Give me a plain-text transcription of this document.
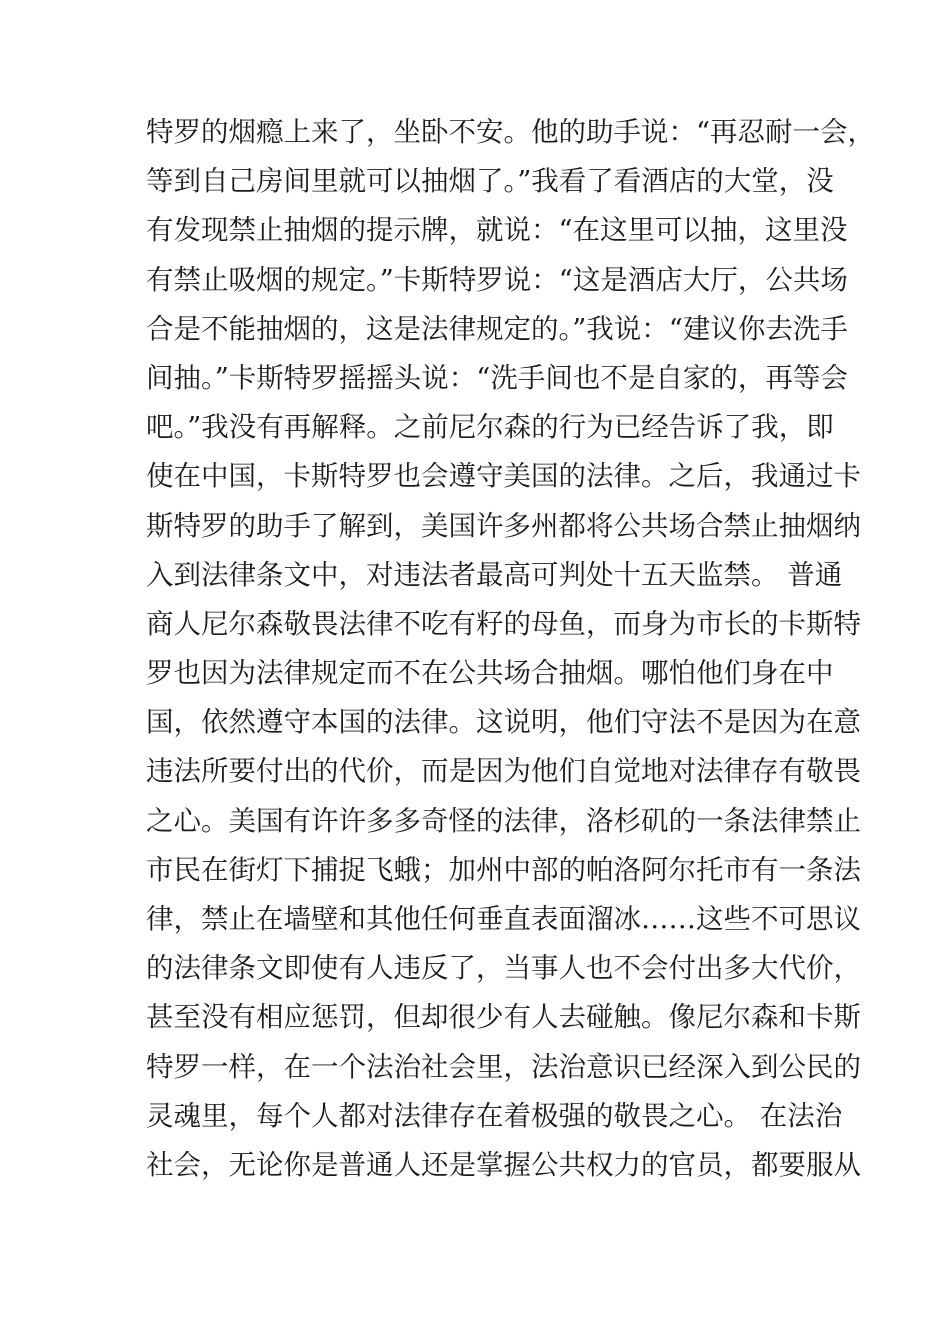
特罗的烟瘾上来了，坐卧不安。他的助手说：“再忍耐一会，
等到自己房间里就可以抽烟了。”我看了看酒店的大堂，没
有发现禁止抽烟的提示牌，就说：“在这里可以抽，这里没
有禁止吸烟的规定。”卡斯特罗说：“这是酒店大厅，公共场
合是不能抽烟的，这是法律规定的。”我说：“建议你去洗手
间抽。”卡斯特罗摇摇头说：“洗手间也不是自家的，再等会
吧。”我没有再解释。之前尼尔森的行为已经告诉了我，即
使在中国，卡斯特罗也会遵守美国的法律。之后，我通过卡
斯特罗的助手了解到，美国许多州都将公共场合禁止抽烟纳
入到法律条文中，对违法者最高可判处十五天监禁。 普通
商人尼尔森敬畏法律不吃有籽的母鱼，而身为市长的卡斯特
罗也因为法律规定而不在公共场合抽烟。哪怕他们身在中
国，依然遵守本国的法律。这说明，他们守法不是因为在意
违法所要付出的代价，而是因为他们自觉地对法律存有敬畏
之心。美国有许许多多奇怪的法律，洛杉矶的一条法律禁止
市民在街灯下捕捉飞蛾；加州中部的帕洛阿尔托市有一条法
律，禁止在墙壁和其他任何垂直表面溜冰……这些不可思议
的法律条文即使有人违反了，当事人也不会付出多大代价，
甚至没有相应惩罚，但却很少有人去碰触。像尼尔森和卡斯
特罗一样，在一个法治社会里，法治意识已经深入到公民的
灵魂里，每个人都对法律存在着极强的敬畏之心。 在法治
社会，无论你是普通人还是掌握公共权力的官员，都要服从
